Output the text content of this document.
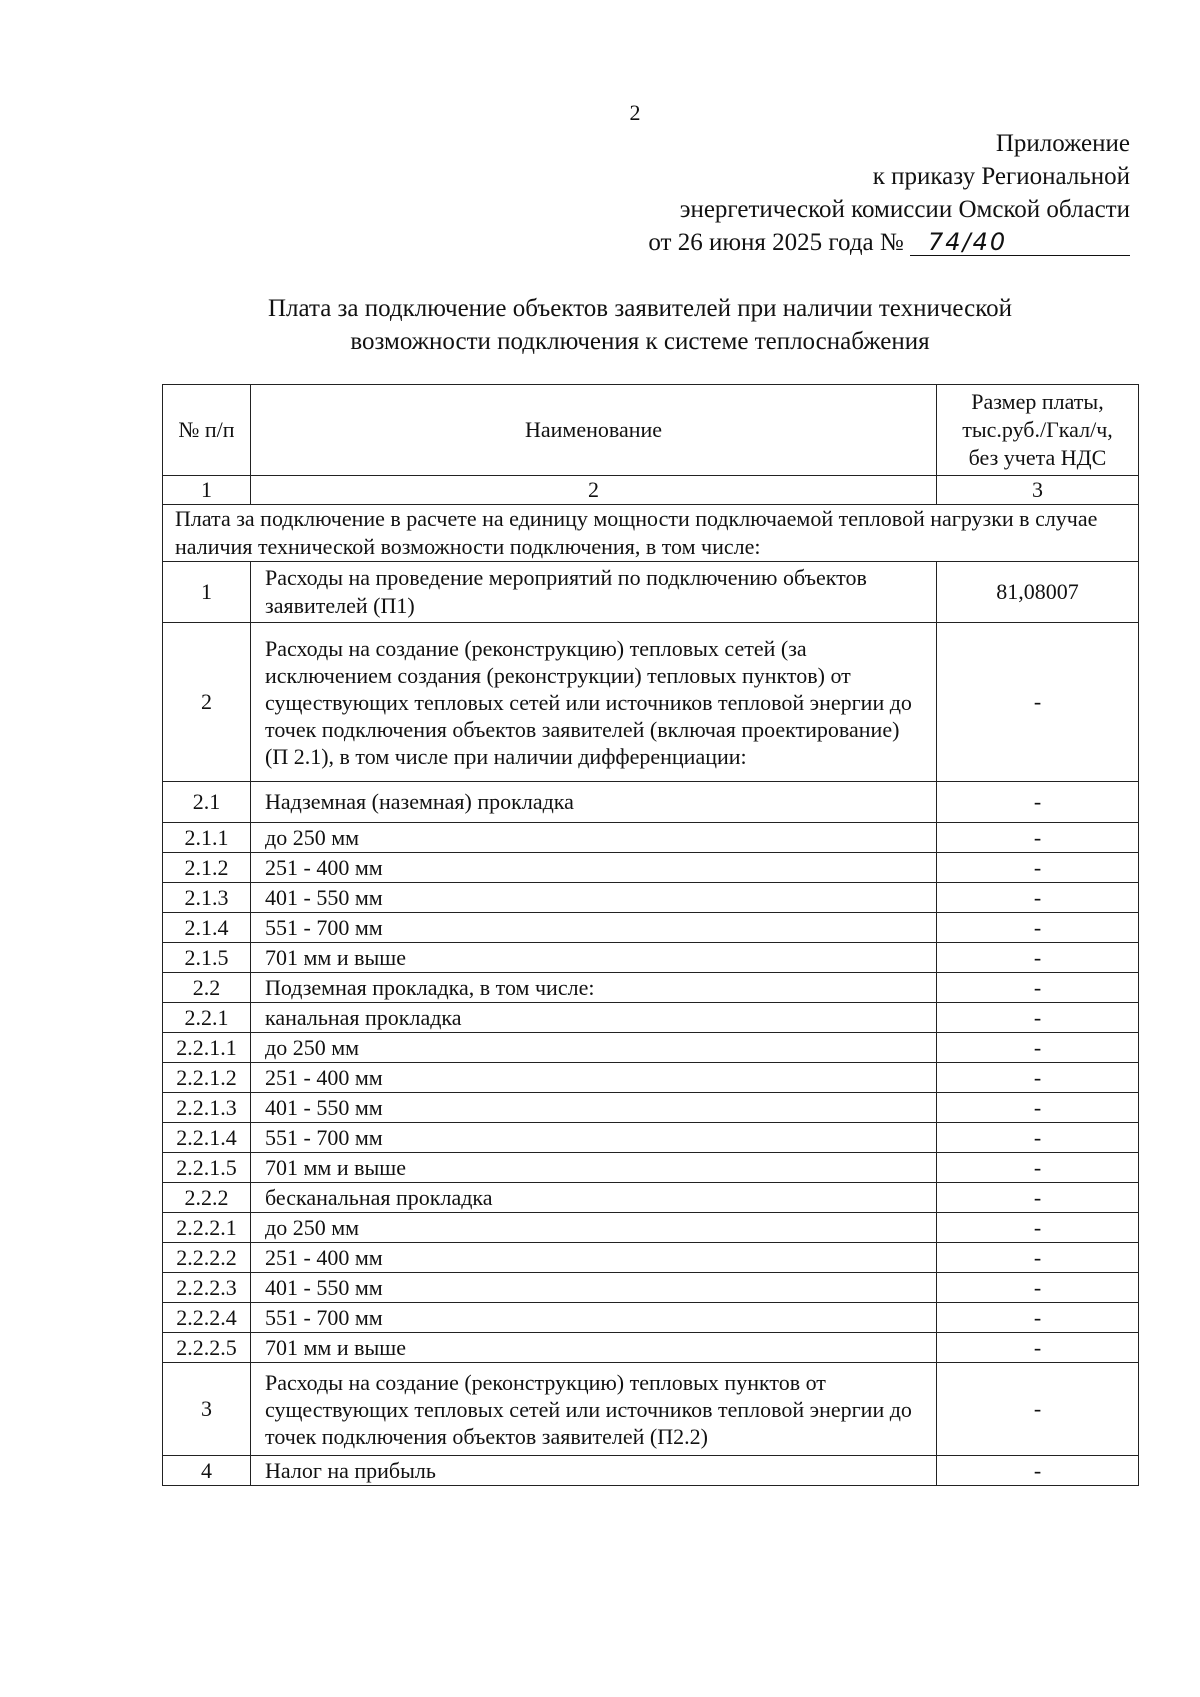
2
Приложение
к приказу Региональной
энергетической комиссии Омской области
от 26 июня 2025 года № 74/40
Плата за подключение объектов заявителей при наличии технической
возможности подключения к системе теплоснабжения
№ п/п	Наименование	Размер платы, тыс.руб./Гкал/ч, без учета НДС
1	2	3
Плата за подключение в расчете на единицу мощности подключаемой тепловой нагрузки в случае наличия технической возможности подключения, в том числе:		
1	Расходы на проведение мероприятий по подключению объектов заявителей (П1)	81,08007
2	Расходы на создание (реконструкцию) тепловых сетей (за исключением создания (реконструкции) тепловых пунктов) от существующих тепловых сетей или источников тепловой энергии до точек подключения объектов заявителей (включая проектирование) (П 2.1), в том числе при наличии дифференциации:	-
2.1	Надземная (наземная) прокладка	-
2.1.1	до 250 мм	-
2.1.2	251 - 400 мм	-
2.1.3	401 - 550 мм	-
2.1.4	551 - 700 мм	-
2.1.5	701 мм и выше	-
2.2	Подземная прокладка, в том числе:	-
2.2.1	канальная прокладка	-
2.2.1.1	до 250 мм	-
2.2.1.2	251 - 400 мм	-
2.2.1.3	401 - 550 мм	-
2.2.1.4	551 - 700 мм	-
2.2.1.5	701 мм и выше	-
2.2.2	бесканальная прокладка	-
2.2.2.1	до 250 мм	-
2.2.2.2	251 - 400 мм	-
2.2.2.3	401 - 550 мм	-
2.2.2.4	551 - 700 мм	-
2.2.2.5	701 мм и выше	-
3	Расходы на создание (реконструкцию) тепловых пунктов от существующих тепловых сетей или источников тепловой энергии до точек подключения объектов заявителей (П2.2)	-
4	Налог на прибыль	-
